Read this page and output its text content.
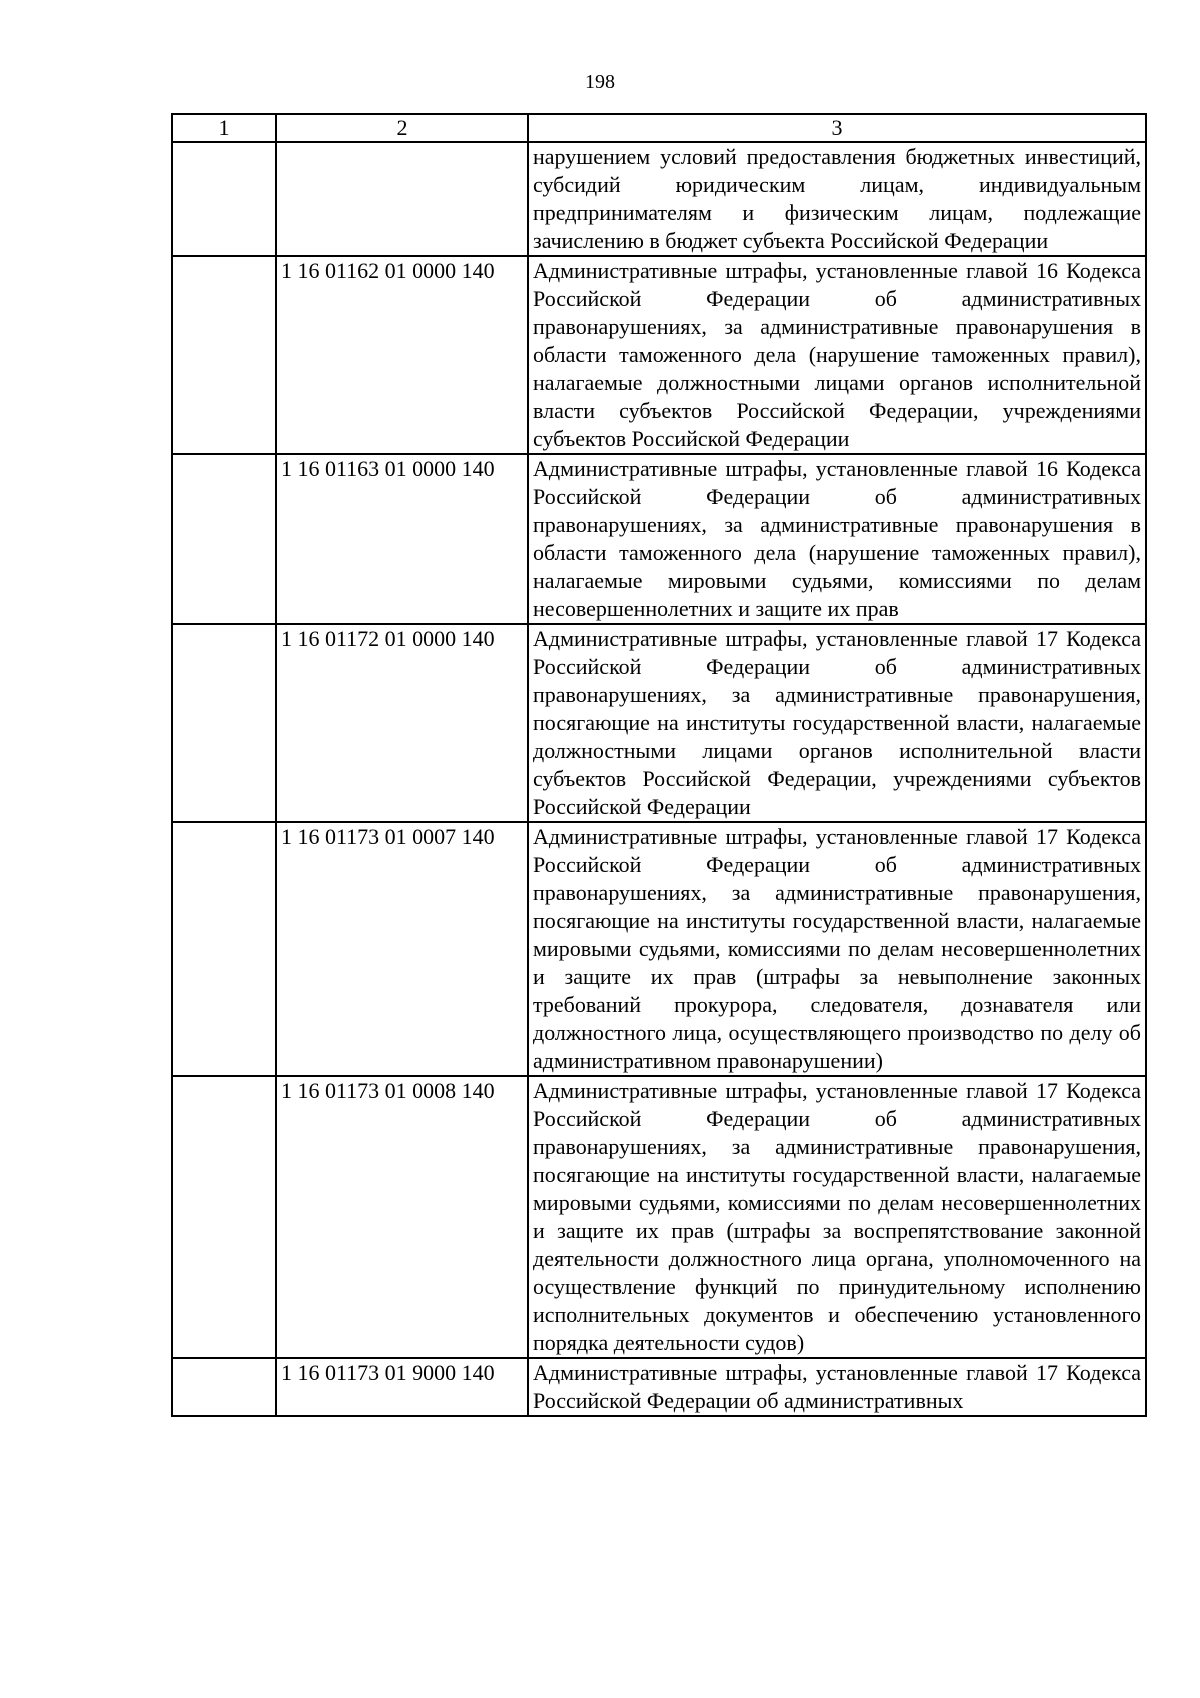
198
1	2	3
		нарушением условий предоставления бюджетных инвестиций, субсидий юридическим лицам, индивидуальным предпринимателям и физическим лицам, подлежащие зачислению в бюджет субъекта Российской Федерации
	1 16 01162 01 0000 140	Административные штрафы, установленные главой 16 Кодекса Российской Федерации об административных правонарушениях, за административные правонарушения в области таможенного дела (нарушение таможенных правил), налагаемые должностными лицами органов исполнительной власти субъектов Российской Федерации, учреждениями субъектов Российской Федерации
	1 16 01163 01 0000 140	Административные штрафы, установленные главой 16 Кодекса Российской Федерации об административных правонарушениях, за административные правонарушения в области таможенного дела (нарушение таможенных правил), налагаемые мировыми судьями, комиссиями по делам несовершеннолетних и защите их прав
	1 16 01172 01 0000 140	Административные штрафы, установленные главой 17 Кодекса Российской Федерации об административных правонарушениях, за административные правонарушения, посягающие на институты государственной власти, налагаемые должностными лицами органов исполнительной власти субъектов Российской Федерации, учреждениями субъектов Российской Федерации
	1 16 01173 01 0007 140	Административные штрафы, установленные главой 17 Кодекса Российской Федерации об административных правонарушениях, за административные правонарушения, посягающие на институты государственной власти, налагаемые мировыми судьями, комиссиями по делам несовершеннолетних и защите их прав (штрафы за невыполнение законных требований прокурора, следователя, дознавателя или должностного лица, осуществляющего производство по делу об административном правонарушении)
	1 16 01173 01 0008 140	Административные штрафы, установленные главой 17 Кодекса Российской Федерации об административных правонарушениях, за административные правонарушения, посягающие на институты государственной власти, налагаемые мировыми судьями, комиссиями по делам несовершеннолетних и защите их прав (штрафы за воспрепятствование законной деятельности должностного лица органа, уполномоченного на осуществление функций по принудительному исполнению исполнительных документов и обеспечению установленного порядка деятельности судов)
	1 16 01173 01 9000 140	Административные штрафы, установленные главой 17 Кодекса Российской Федерации об административных
